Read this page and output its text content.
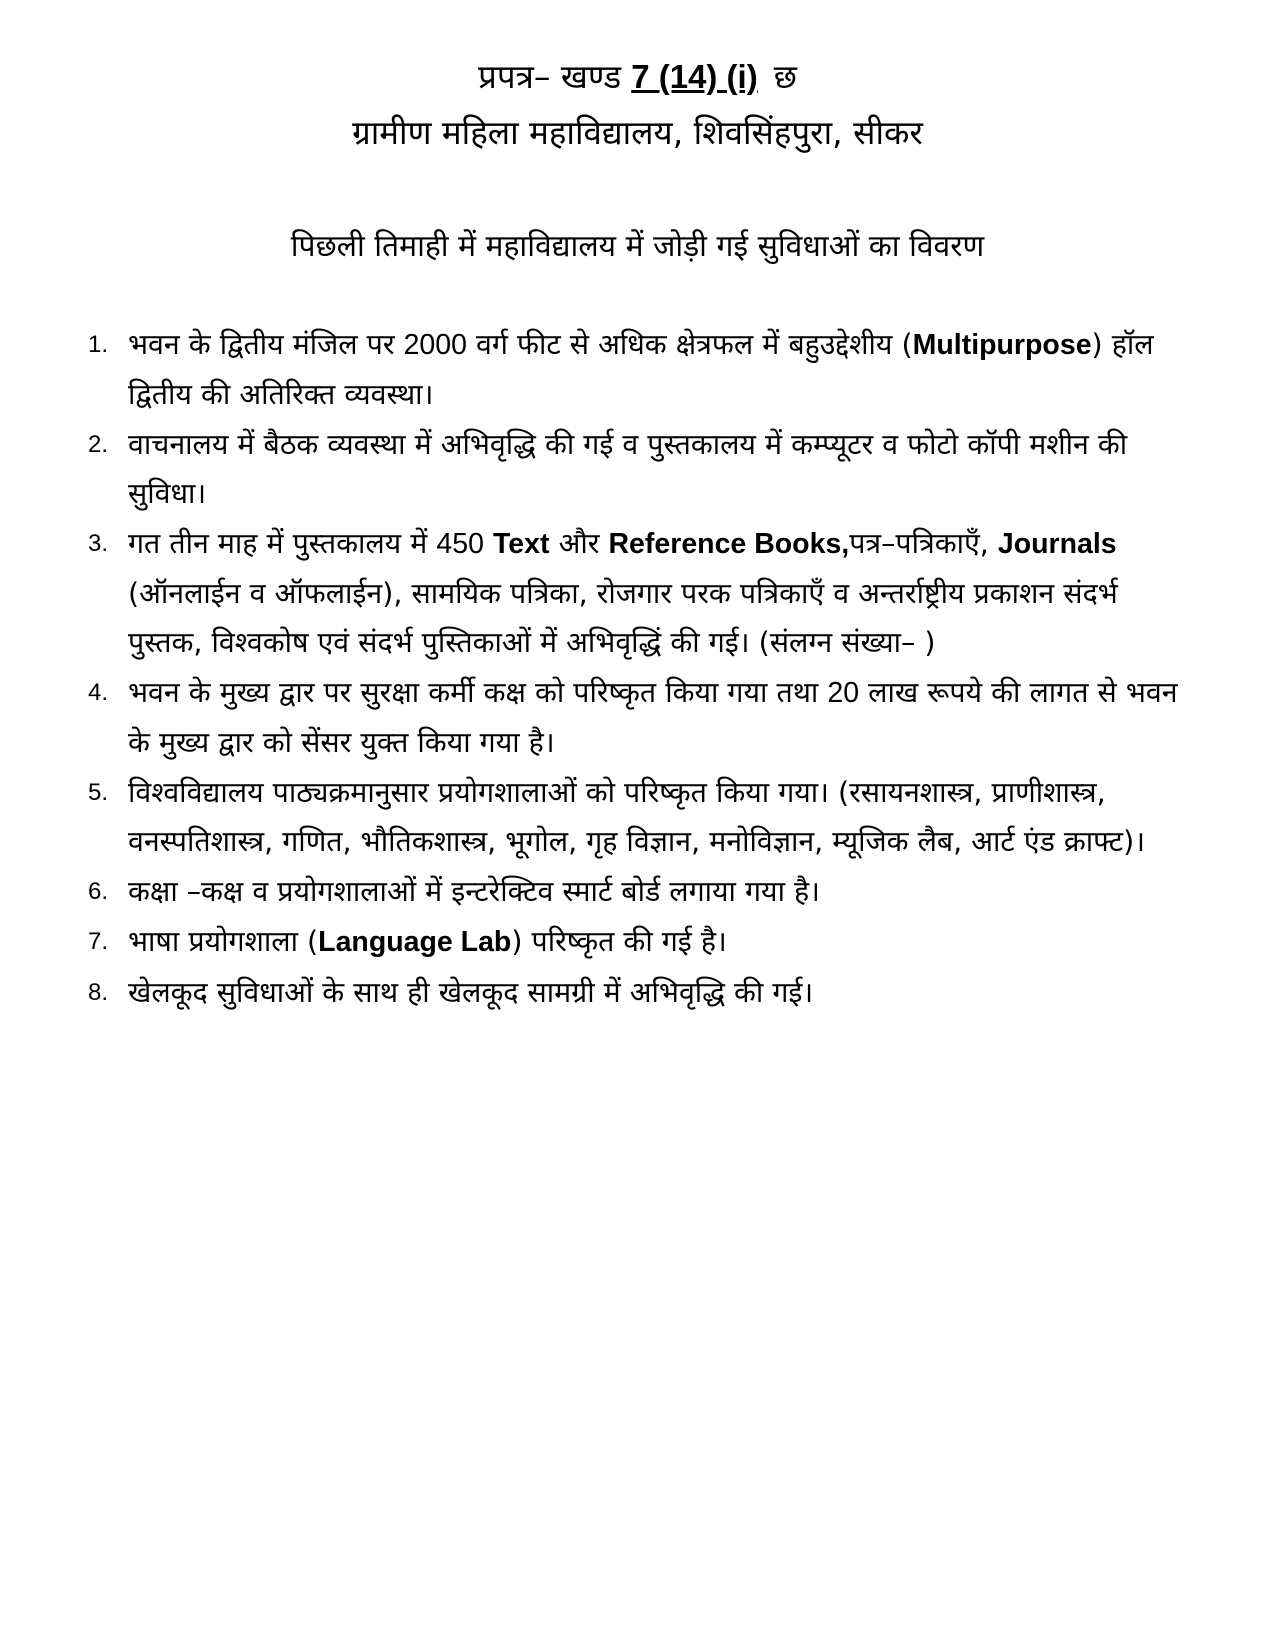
प्रपत्र– खण्ड 7 (14) (i) छ
ग्रामीण महिला महाविद्यालय, शिवसिंहपुरा, सीकर
पिछली तिमाही में महाविद्यालय में जोड़ी गई सुविधाओं का विवरण
1. भवन के द्वितीय मंजिल पर 2000 वर्ग फीट से अधिक क्षेत्रफल में बहुउद्देशीय (Multipurpose) हॉल द्वितीय की अतिरिक्त व्यवस्था।
2. वाचनालय में बैठक व्यवस्था में अभिवृद्धि की गई व पुस्तकालय में कम्प्यूटर व फोटो कॉपी मशीन की सुविधा।
3. गत तीन माह में पुस्तकालय में 450 Text और Reference Books,पत्र–पत्रिकाएँ, Journals (ऑनलाईन व ऑफलाईन), सामयिक पत्रिका, रोजगार परक पत्रिकाएँ व अन्तर्राष्ट्रीय प्रकाशन संदर्भ पुस्तक, विश्वकोष एवं संदर्भ पुस्तिकाओं में अभिवृद्धिं की गई। (संलग्न संख्या– )
4. भवन के मुख्य द्वार पर सुरक्षा कर्मी कक्ष को परिष्कृत किया गया तथा 20 लाख रूपये की लागत से भवन के मुख्य द्वार को सेंसर युक्त किया गया है।
5. विश्वविद्यालय पाठ्यक्रमानुसार प्रयोगशालाओं को परिष्कृत किया गया। (रसायनशास्त्र, प्राणीशास्त्र, वनस्पतिशास्त्र, गणित, भौतिकशास्त्र, भूगोल, गृह विज्ञान, मनोविज्ञान, म्यूजिक लैब, आर्ट एंड क्राफ्ट)।
6. कक्षा –कक्ष व प्रयोगशालाओं में इन्टरेक्टिव स्मार्ट बोर्ड लगाया गया है।
7. भाषा प्रयोगशाला (Language Lab) परिष्कृत की गई है।
8. खेलकूद सुविधाओं के साथ ही खेलकूद सामग्री में अभिवृद्धि की गई।
